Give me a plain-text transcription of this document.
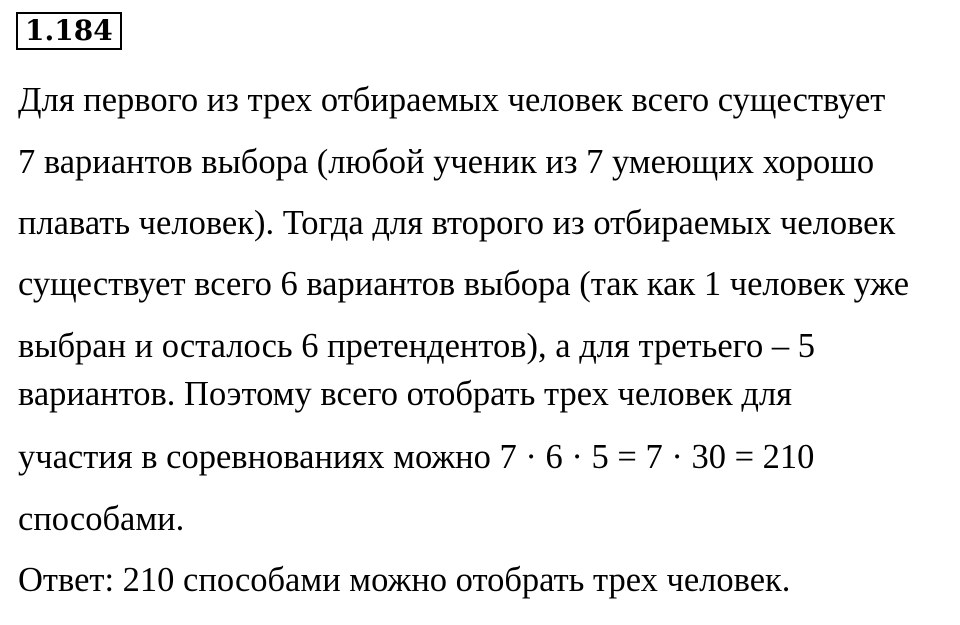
1.184
Для первого из трех отбираемых человек всего существует
7 вариантов выбора (любой ученик из 7 умеющих хорошо
плавать человек). Тогда для второго из отбираемых человек
существует всего 6 вариантов выбора (так как 1 человек уже
выбран и осталось 6 претендентов), а для третьего – 5
вариантов. Поэтому всего отобрать трех человек для
участия в соревнованиях можно 7 · 6 · 5 = 7 · 30 = 210
способами.
Ответ: 210 способами можно отобрать трех человек.
